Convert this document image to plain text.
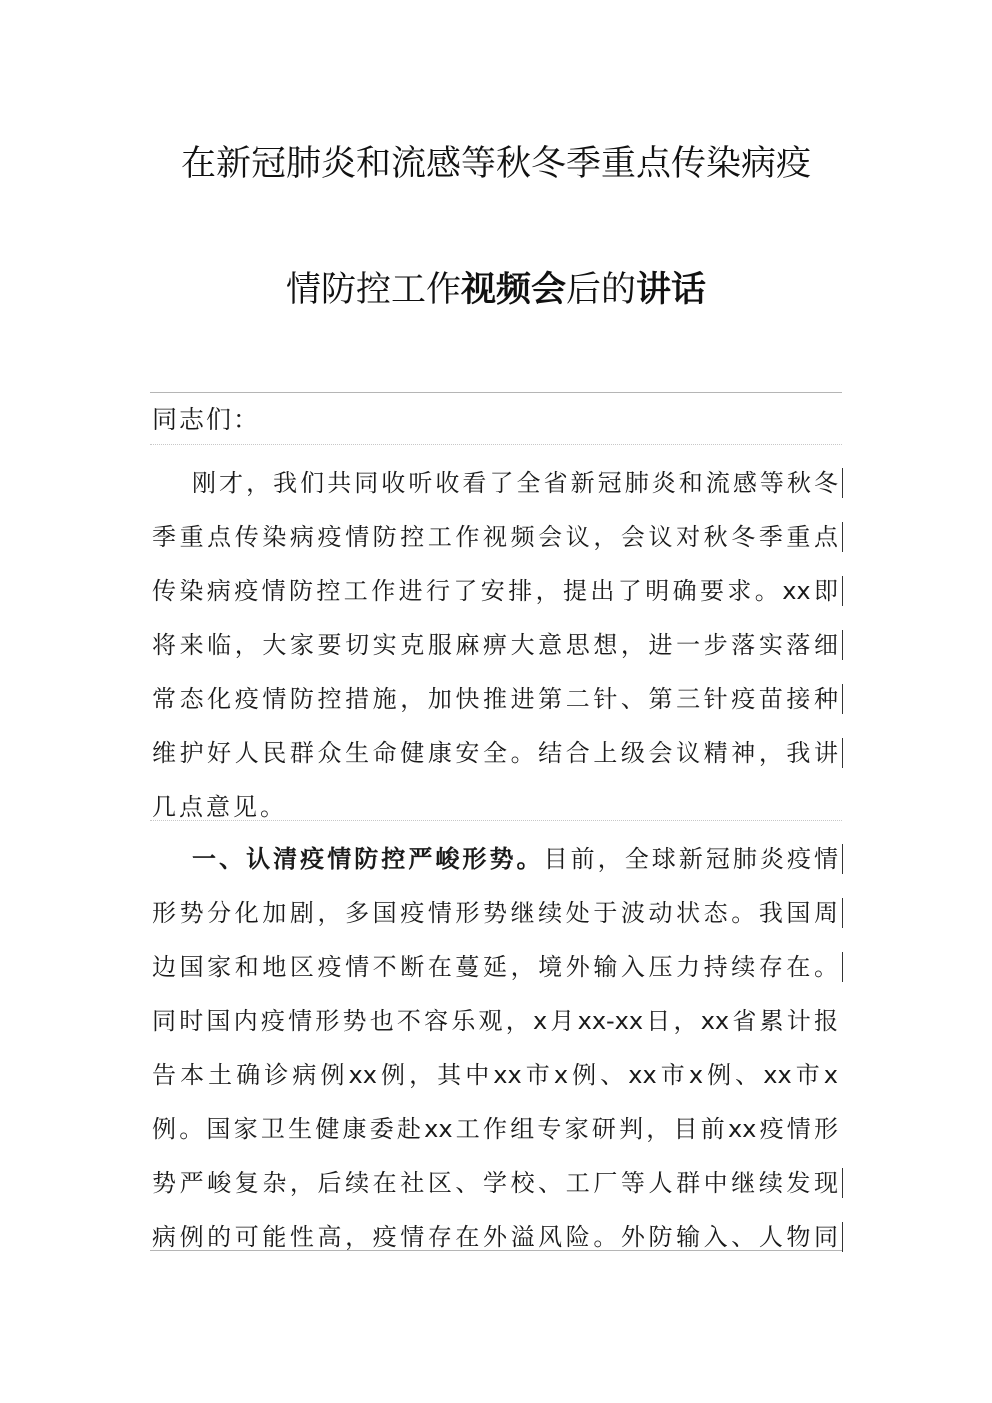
在新冠肺炎和流感等秋冬季重点传染病疫
情防控工作视频会后的讲话
同志们：
刚才，我们共同收听收看了全省新冠肺炎和流感等秋冬
季重点传染病疫情防控工作视频会议，会议对秋冬季重点
传染病疫情防控工作进行了安排，提出了明确要求。xx即
将来临，大家要切实克服麻痹大意思想，进一步落实落细
常态化疫情防控措施，加快推进第二针、第三针疫苗接种
维护好人民群众生命健康安全。结合上级会议精神，我讲
几点意见。
一、认清疫情防控严峻形势。目前，全球新冠肺炎疫情
形势分化加剧，多国疫情形势继续处于波动状态。我国周
边国家和地区疫情不断在蔓延，境外输入压力持续存在。
同时国内疫情形势也不容乐观，x月xx-xx日，xx省累计报
告本土确诊病例xx例，其中xx市x例、xx市x例、xx市x
例。国家卫生健康委赴xx工作组专家研判，目前xx疫情形
势严峻复杂，后续在社区、学校、工厂等人群中继续发现
病例的可能性高，疫情存在外溢风险。外防输入、人物同
